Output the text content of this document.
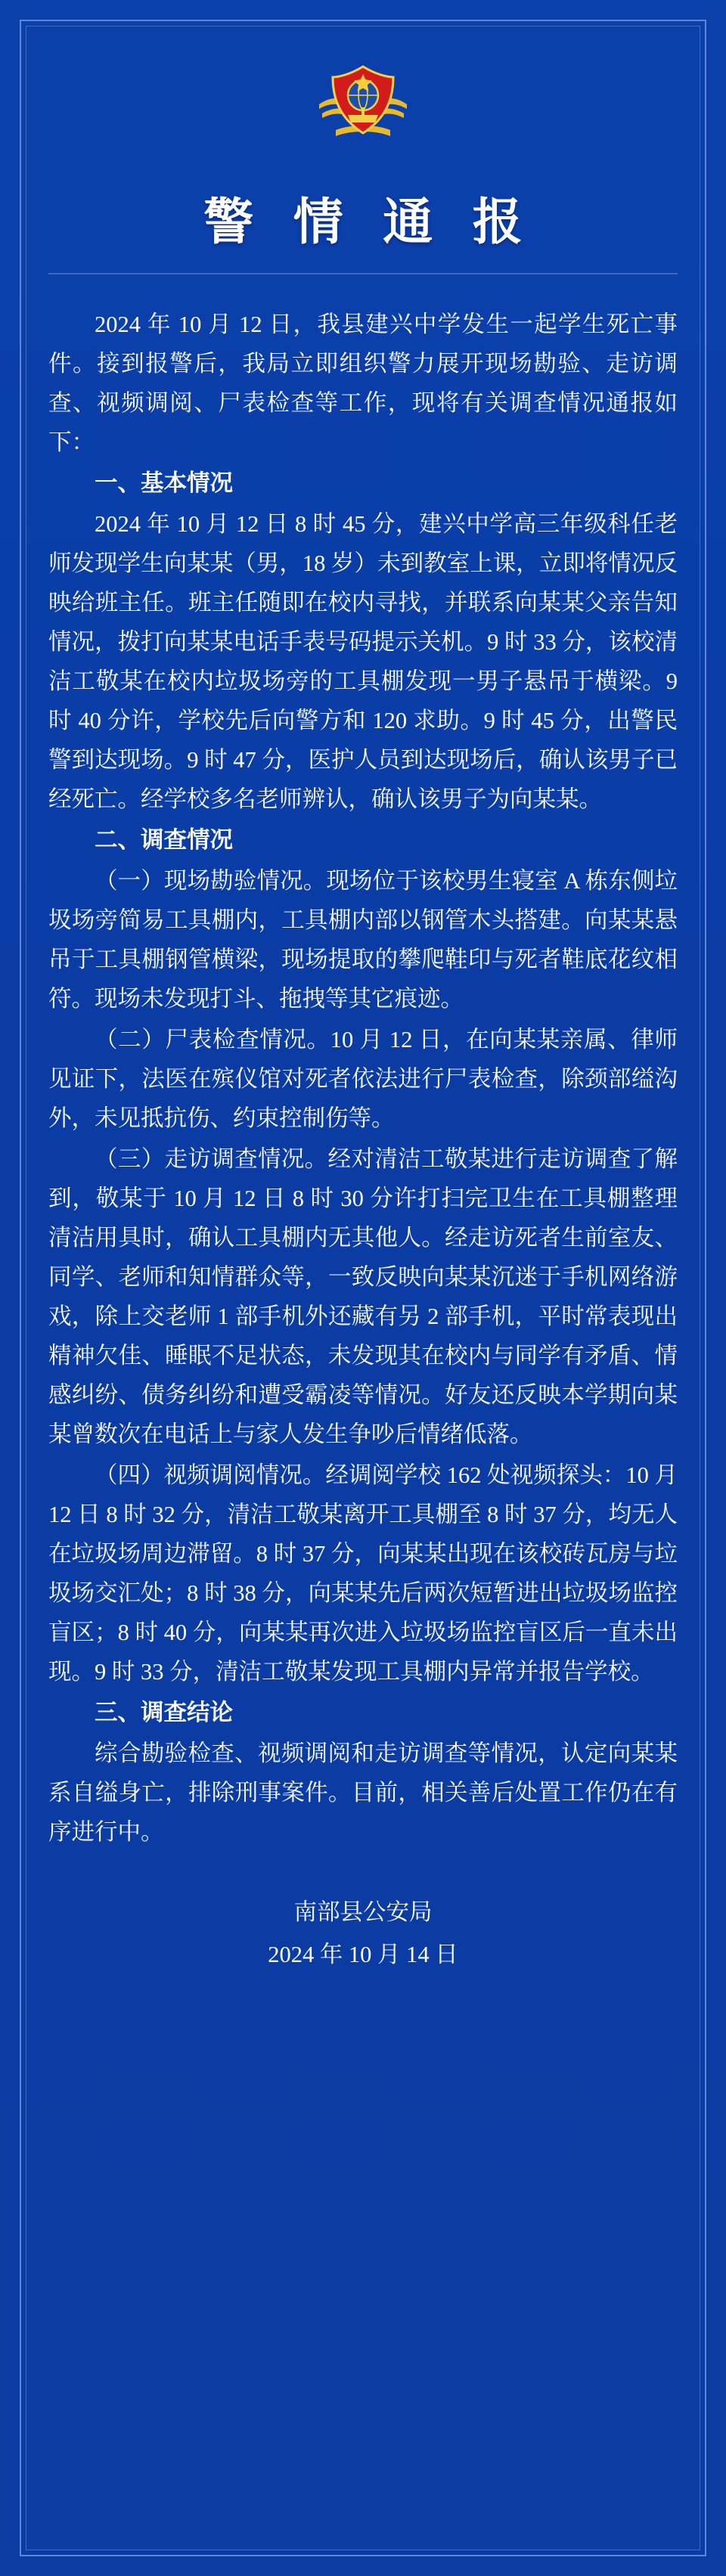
警 情 通 报

2024 年 10 月 12 日，我县建兴中学发生一起学生死亡事件。接到报警后，我局立即组织警力展开现场勘验、走访调查、视频调阅、尸表检查等工作，现将有关调查情况通报如下：

一、基本情况

2024 年 10 月 12 日 8 时 45 分，建兴中学高三年级科任老师发现学生向某某（男，18 岁）未到教室上课，立即将情况反映给班主任。班主任随即在校内寻找，并联系向某某父亲告知情况，拨打向某某电话手表号码提示关机。9 时 33 分，该校清洁工敬某在校内垃圾场旁的工具棚发现一男子悬吊于横梁。9 时 40 分许，学校先后向警方和 120 求助。9 时 45 分，出警民警到达现场。9 时 47 分，医护人员到达现场后，确认该男子已经死亡。经学校多名老师辨认，确认该男子为向某某。

二、调查情况

（一）现场勘验情况。现场位于该校男生寝室 A 栋东侧垃圾场旁简易工具棚内，工具棚内部以钢管木头搭建。向某某悬吊于工具棚钢管横梁，现场提取的攀爬鞋印与死者鞋底花纹相符。现场未发现打斗、拖拽等其它痕迹。

（二）尸表检查情况。10 月 12 日，在向某某亲属、律师见证下，法医在殡仪馆对死者依法进行尸表检查，除颈部缢沟外，未见抵抗伤、约束控制伤等。

（三）走访调查情况。经对清洁工敬某进行走访调查了解到，敬某于 10 月 12 日 8 时 30 分许打扫完卫生在工具棚整理清洁用具时，确认工具棚内无其他人。经走访死者生前室友、同学、老师和知情群众等，一致反映向某某沉迷于手机网络游戏，除上交老师 1 部手机外还藏有另 2 部手机，平时常表现出精神欠佳、睡眠不足状态，未发现其在校内与同学有矛盾、情感纠纷、债务纠纷和遭受霸凌等情况。好友还反映本学期向某某曾数次在电话上与家人发生争吵后情绪低落。

（四）视频调阅情况。经调阅学校 162 处视频探头：10 月 12 日 8 时 32 分，清洁工敬某离开工具棚至 8 时 37 分，均无人在垃圾场周边滞留。8 时 37 分，向某某出现在该校砖瓦房与垃圾场交汇处；8 时 38 分，向某某先后两次短暂进出垃圾场监控盲区；8 时 40 分，向某某再次进入垃圾场监控盲区后一直未出现。9 时 33 分，清洁工敬某发现工具棚内异常并报告学校。

三、调查结论

综合勘验检查、视频调阅和走访调查等情况，认定向某某系自缢身亡，排除刑事案件。目前，相关善后处置工作仍在有序进行中。

南部县公安局
2024 年 10 月 14 日
